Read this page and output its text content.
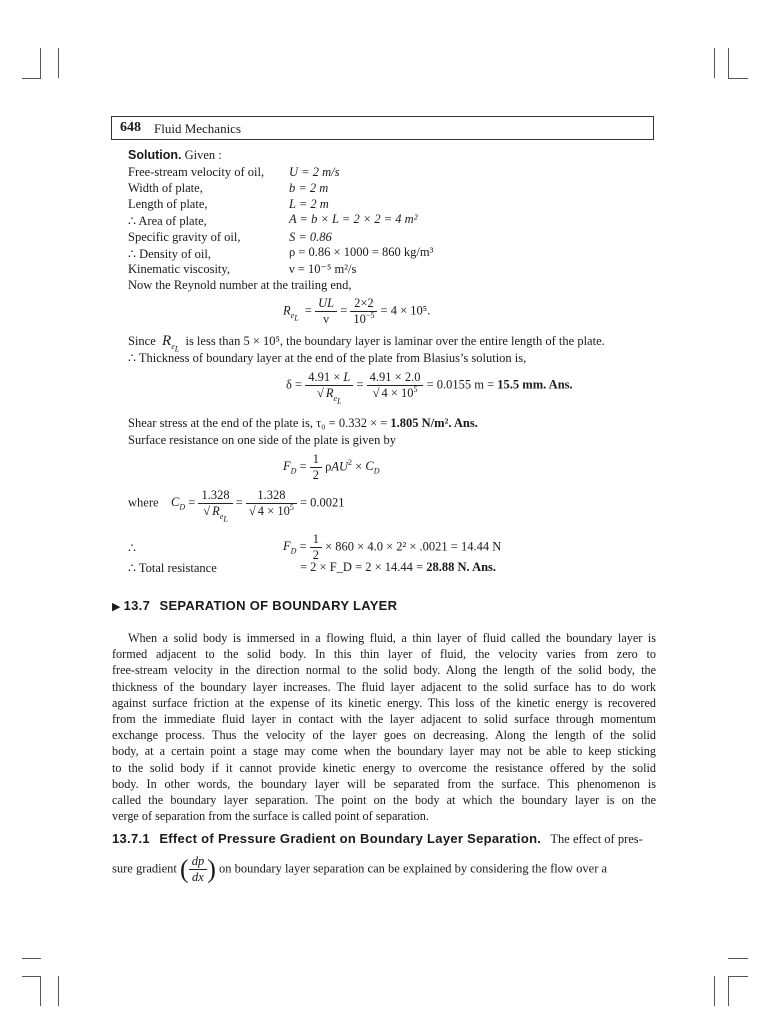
648 Fluid Mechanics
Solution. Given :
Free-stream velocity of oil, U = 2 m/s
Width of plate,	b = 2 m
Length of plate,	L = 2 m
∴ Area of plate,	A = b × L = 2 × 2 = 4 m²
Specific gravity of oil,	S = 0.86
∴ Density of oil,	ρ = 0.86 × 1000 = 860 kg/m³
Kinematic viscosity,	ν = 10⁻⁵ m²/s
Now the Reynold number at the trailing end,
$R_{e_L} = \frac{UL}{\nu} = \frac{2\times 2}{10^{-5}} = 4 \times 10^5$.
Since $R_{e_L}$  is less than 5 × 10⁵, the boundary layer is laminar over the entire length of the plate.
∴ Thickness of boundary layer at the end of the plate from Blasius’s solution is,
$\delta = \frac{4.91 \times L}{√ R_{e_L}} = \frac{4.91 \times 2.0}{√ 4 \times 10^5} = 0.0155$ m = 15.5 mm. Ans.
Shear stress at the end of the plate is, τ₀ = 0.332 × = 1.805 N/m². Ans.
Surface resistance on one side of the plate is given by
$F_D = \frac{1}{2} \rho AU^2 \times C_D$
where $C_D = \frac{1.328}{√ R_{e_L}} = \frac{1.328}{√ 4 \times 10^5} = 0.0021$
∴	$F_D = \frac{1}{2} \times 860 \times 4.0 \times 2^2 \times .0021 = 14.44$ N
∴ Total resistance	= 2 × F_D = 2 × 14.44 = 28.88 N. Ans.
▶ 13.7 SEPARATION OF BOUNDARY LAYER
When a solid body is immersed in a flowing fluid, a thin layer of fluid called the boundary layer is
formed adjacent to the solid body. In this thin layer of fluid, the velocity varies from zero to
free-stream velocity in the direction normal to the solid body. Along the length of the solid body, the
thickness of the boundary layer increases. The fluid layer adjacent to the solid surface has to do work
against surface friction at the expense of its kinetic energy. This loss of the kinetic energy is recovered
from the immediate fluid layer in contact with the layer adjacent to solid surface through momentum
exchange process. Thus the velocity of the layer goes on decreasing. Along the length of the solid
body, at a certain point a stage may come when the boundary layer may not be able to keep sticking
to the solid body if it cannot provide kinetic energy to overcome the resistance offered by the solid
body. In other words, the boundary layer will be separated from the surface. This phenomenon is
called the boundary layer separation. The point on the body at which the boundary layer is on the
verge of separation from the surface is called point of separation.
13.7.1 Effect of Pressure Gradient on Boundary Layer Separation. The effect of pres-
sure gradient ( $\frac{dp}{dx}$ ) on boundary layer separation can be explained by considering the flow over a
